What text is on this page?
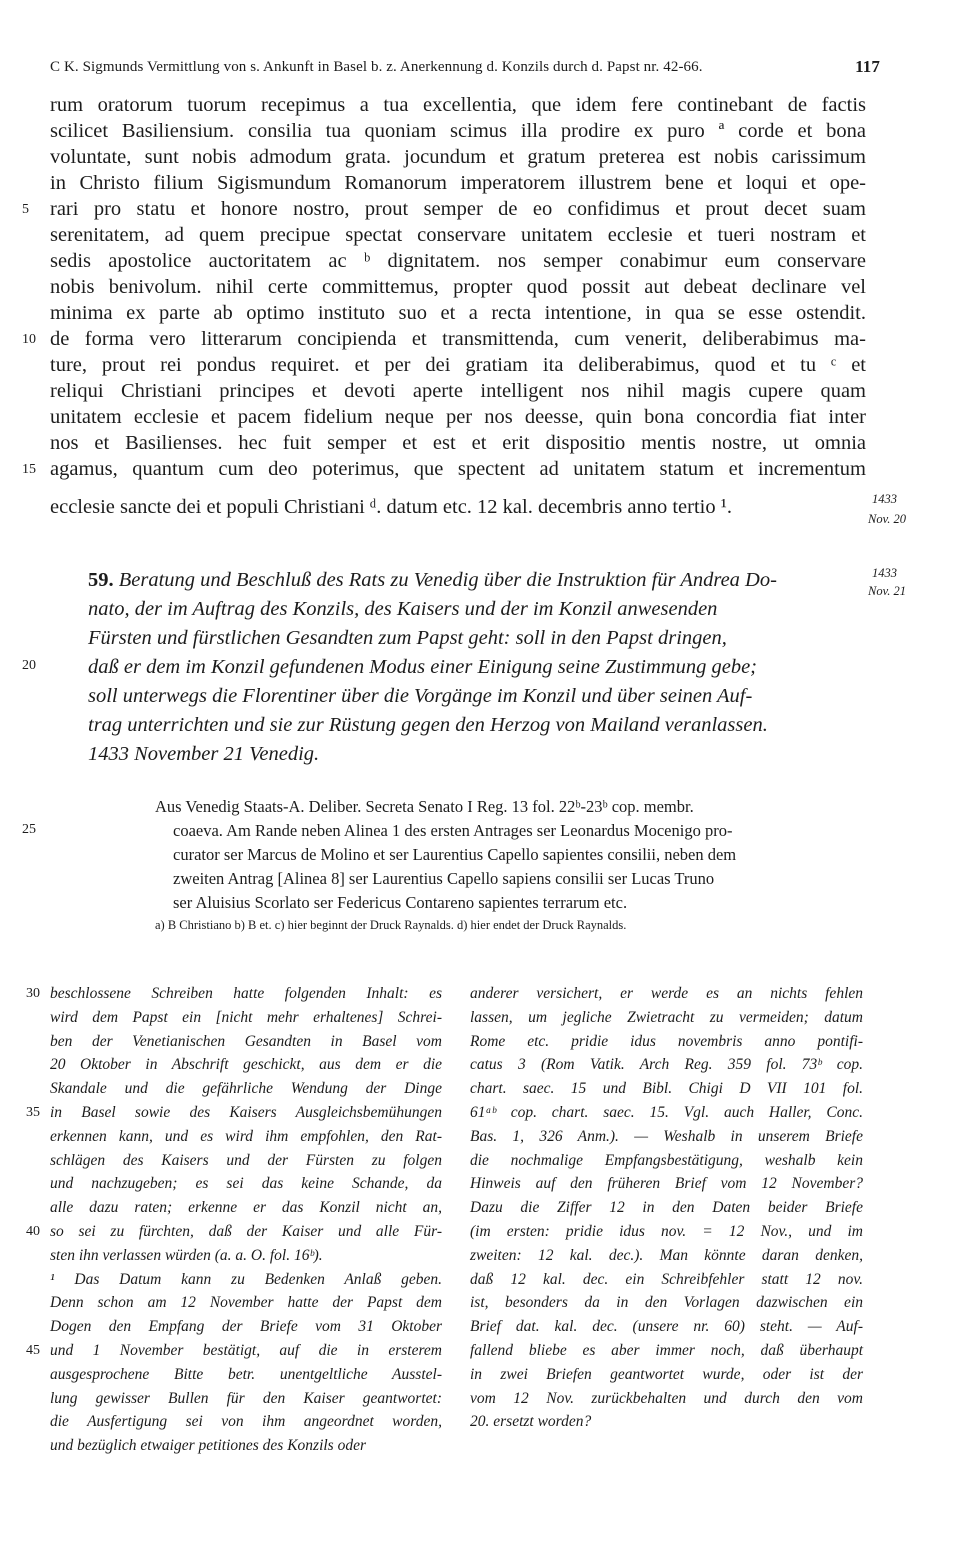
C K. Sigmunds Vermittlung von s. Ankunft in Basel b. z. Anerkennung d. Konzils durch d. Papst nr. 42-66.	117
rum oratorum tuorum recepimus a tua excellentia, que idem fere continebant de factis
scilicet Basiliensium. consilia tua quoniam scimus illa prodire ex puro ª corde et bona
voluntate, sunt nobis admodum grata. jocundum et gratum preterea est nobis carissimum
in Christo filium Sigismundum Romanorum imperatorem illustrem bene et loqui et ope-
rari pro statu et honore nostro, prout semper de eo confidimus et prout decet suam
serenitatem, ad quem precipue spectat conservare unitatem ecclesie et tueri nostram et
sedis apostolice auctoritatem ac ᵇ dignitatem. nos semper conabimur eum conservare
nobis benivolum. nihil certe committemus, propter quod possit aut debeat declinare vel
minima ex parte ab optimo instituto suo et a recta intentione, in qua se esse ostendit.
de forma vero litterarum concipienda et transmittenda, cum venerit, deliberabimus ma-
ture, prout rei pondus requiret. et per dei gratiam ita deliberabimus, quod et tu ᶜ et
reliqui Christiani principes et devoti aperte intelligent nos nihil magis cupere quam
unitatem ecclesie et pacem fidelium neque per nos deesse, quin bona concordia fiat inter
nos et Basilienses. hec fuit semper et est et erit dispositio mentis nostre, ut omnia
agamus, quantum cum deo poterimus, que spectent ad unitatem statum et incrementum
ecclesie sancte dei et populi Christiani ᵈ. datum etc. 12 kal. decembris anno tertio ¹.
5
10
15
1433
Nov. 20
59. Beratung und Beschluß des Rats zu Venedig über die Instruktion für Andrea Do-
nato, der im Auftrag des Konzils, des Kaisers und der im Konzil anwesenden
Fürsten und fürstlichen Gesandten zum Papst geht: soll in den Papst dringen,
daß er dem im Konzil gefundenen Modus einer Einigung seine Zustimmung gebe;
soll unterwegs die Florentiner über die Vorgänge im Konzil und über seinen Auf-
trag unterrichten und sie zur Rüstung gegen den Herzog von Mailand veranlassen.
1433 November 21 Venedig.
20
1433
Nov. 21
Aus Venedig Staats-A. Deliber. Secreta Senato I Reg. 13 fol. 22ᵇ-23ᵇ cop. membr.
coaeva. Am Rande neben Alinea 1 des ersten Antrages ser Leonardus Mocenigo pro-
curator ser Marcus de Molino et ser Laurentius Capello sapientes consilii, neben dem
zweiten Antrag [Alinea 8] ser Laurentius Capello sapiens consilii ser Lucas Truno
ser Aluisius Scorlato ser Federicus Contareno sapientes terrarum etc.
25
a) B Christiano b) B et. c) hier beginnt der Druck Raynalds. d) hier endet der Druck Raynalds.
30 beschlossene Schreiben hatte folgenden Inhalt: es
wird dem Papst ein [nicht mehr erhaltenes] Schrei-
ben der Venetianischen Gesandten in Basel vom
20 Oktober in Abschrift geschickt, aus dem er die
Skandale und die gefährliche Wendung der Dinge
35 in Basel sowie des Kaisers Ausgleichsbemühungen
erkennen kann, und es wird ihm empfohlen, den Rat-
schlägen des Kaisers und der Fürsten zu folgen
und nachzugeben; es sei das keine Schande, da
alle dazu raten; erkenne er das Konzil nicht an,
40 so sei zu fürchten, daß der Kaiser und alle Für-
sten ihn verlassen würden (a. a. O. fol. 16ᵇ).
¹ Das Datum kann zu Bedenken Anlaß geben.
Denn schon am 12 November hatte der Papst dem
Dogen den Empfang der Briefe vom 31 Oktober
45 und 1 November bestätigt, auf die in ersterem
ausgesprochene Bitte betr. unentgeltliche Ausstel-
lung gewisser Bullen für den Kaiser geantwortet:
die Ausfertigung sei von ihm angeordnet worden,
und bezüglich etwaiger petitiones des Konzils oder
anderer versichert, er werde es an nichts fehlen
lassen, um jegliche Zwietracht zu vermeiden; datum
Rome etc. pridie idus novembris anno pontifi-
catus 3 (Rom Vatik. Arch Reg. 359 fol. 73ᵇ cop.
chart. saec. 15 und Bibl. Chigi D VII 101 fol.
61ᵃᵇ cop. chart. saec. 15. Vgl. auch Haller, Conc.
Bas. 1, 326 Anm.). — Weshalb in unserem Briefe
die nochmalige Empfangsbestätigung, weshalb kein
Hinweis auf den früheren Brief vom 12 November?
Dazu die Ziffer 12 in den Daten beider Briefe
(im ersten: pridie idus nov. = 12 Nov., und im
zweiten: 12 kal. dec.). Man könnte daran denken,
daß 12 kal. dec. ein Schreibfehler statt 12 nov.
ist, besonders da in den Vorlagen dazwischen ein
Brief dat. kal. dec. (unsere nr. 60) steht. — Auf-
fallend bliebe es aber immer noch, daß überhaupt
in zwei Briefen geantwortet wurde, oder ist der
vom 12 Nov. zurückbehalten und durch den vom
20. ersetzt worden?
